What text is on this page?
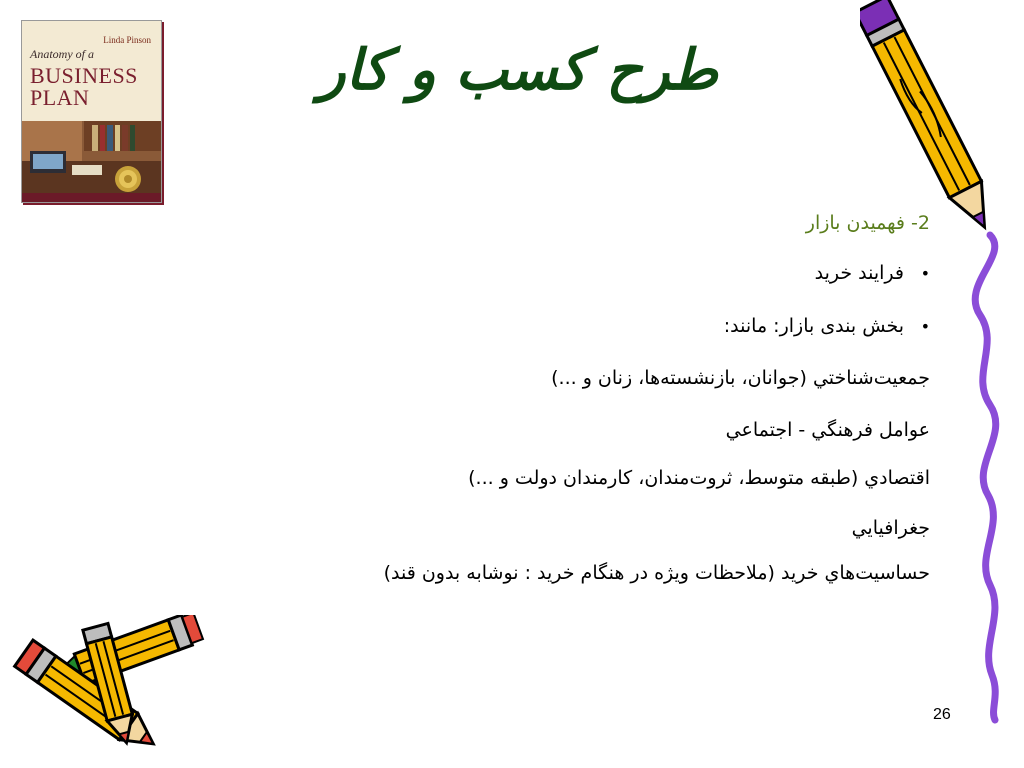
Linda Pinson
Anatomy of a
BUSINESS
PLAN	طرح کسب و کار
2- فهميدن بازار
•فرايند خريد
•بخش بندی بازار: مانند:
جمعيت‌شناختي (جوانان، بازنشسته‌ها، زنان و ...)
عوامل فرهنگي - اجتماعي
اقتصادي (طبقه متوسط، ثروت‌مندان، کارمندان دولت و ...)
جغرافيايي
حساسيت‌هاي خريد (ملاحظات ويژه در هنگام خريد : نوشابه بدون قند)
26
